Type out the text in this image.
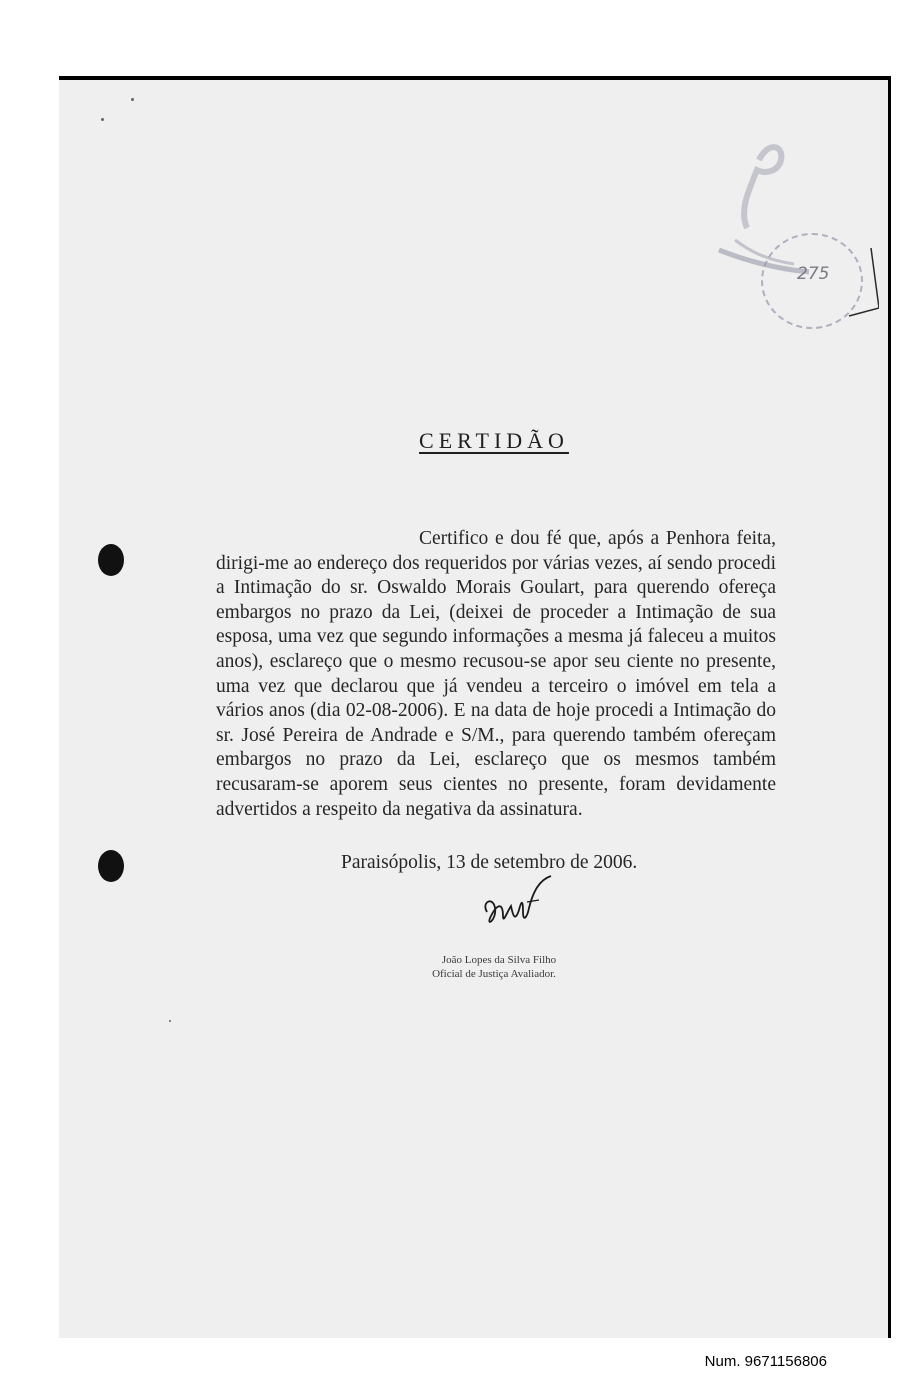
275
CERTIDÃO
Certifico e dou fé que, após a Penhora feita, dirigi-me ao endereço dos requeridos por várias vezes, aí sendo procedi a Intimação do sr. Oswaldo Morais Goulart, para querendo ofereça embargos no prazo da Lei, (deixei de proceder a Intimação de sua esposa, uma vez que segundo informações a mesma já faleceu a muitos anos), esclareço que o mesmo recusou-se apor seu ciente no presente, uma vez que declarou que já vendeu a terceiro o imóvel em tela a vários anos (dia 02-08-2006). E na data de hoje procedi a Intimação do sr. José Pereira de Andrade e S/M., para querendo também ofereçam embargos no prazo da Lei, esclareço que os mesmos também recusaram-se aporem seus cientes no presente, foram devidamente advertidos a respeito da negativa da assinatura.
Paraisópolis, 13 de setembro de 2006.
João Lopes da Silva Filho
Oficial de Justiça Avaliador.
Num. 9671156806
